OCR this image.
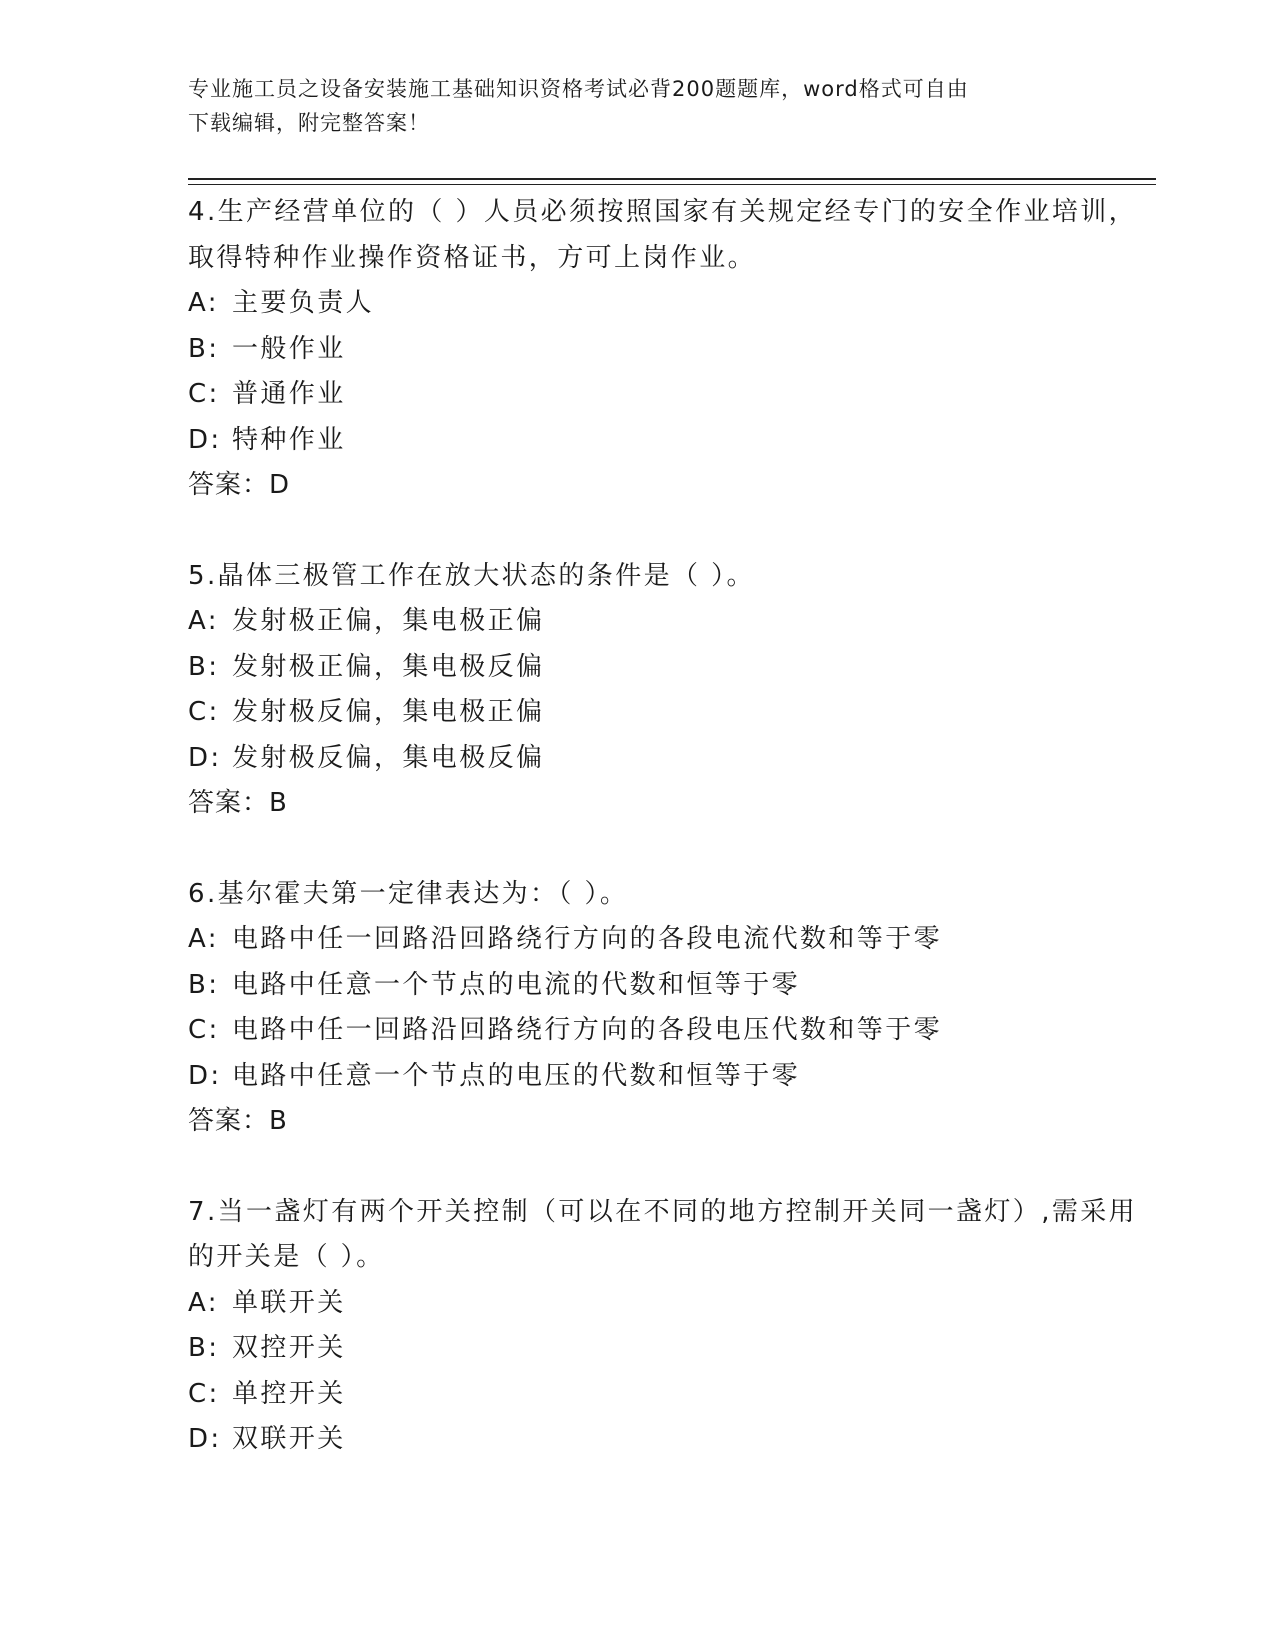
专业施工员之设备安装施工基础知识资格考试必背200题题库，word格式可自由
下载编辑，附完整答案！
4.生产经营单位的（ ）人员必须按照国家有关规定经专门的安全作业培训，取得特种作业操作资格证书，方可上岗作业。
A: 主要负责人
B: 一般作业
C: 普通作业
D: 特种作业
答案：D
5.晶体三极管工作在放大状态的条件是（ ）。
A: 发射极正偏，集电极正偏
B: 发射极正偏，集电极反偏
C: 发射极反偏，集电极正偏
D: 发射极反偏，集电极反偏
答案：B
6.基尔霍夫第一定律表达为：（ ）。
A: 电路中任一回路沿回路绕行方向的各段电流代数和等于零
B: 电路中任意一个节点的电流的代数和恒等于零
C: 电路中任一回路沿回路绕行方向的各段电压代数和等于零
D: 电路中任意一个节点的电压的代数和恒等于零
答案：B
7.当一盏灯有两个开关控制（可以在不同的地方控制开关同一盏灯）,需采用的开关是（ ）。
A: 单联开关
B: 双控开关
C: 单控开关
D: 双联开关
